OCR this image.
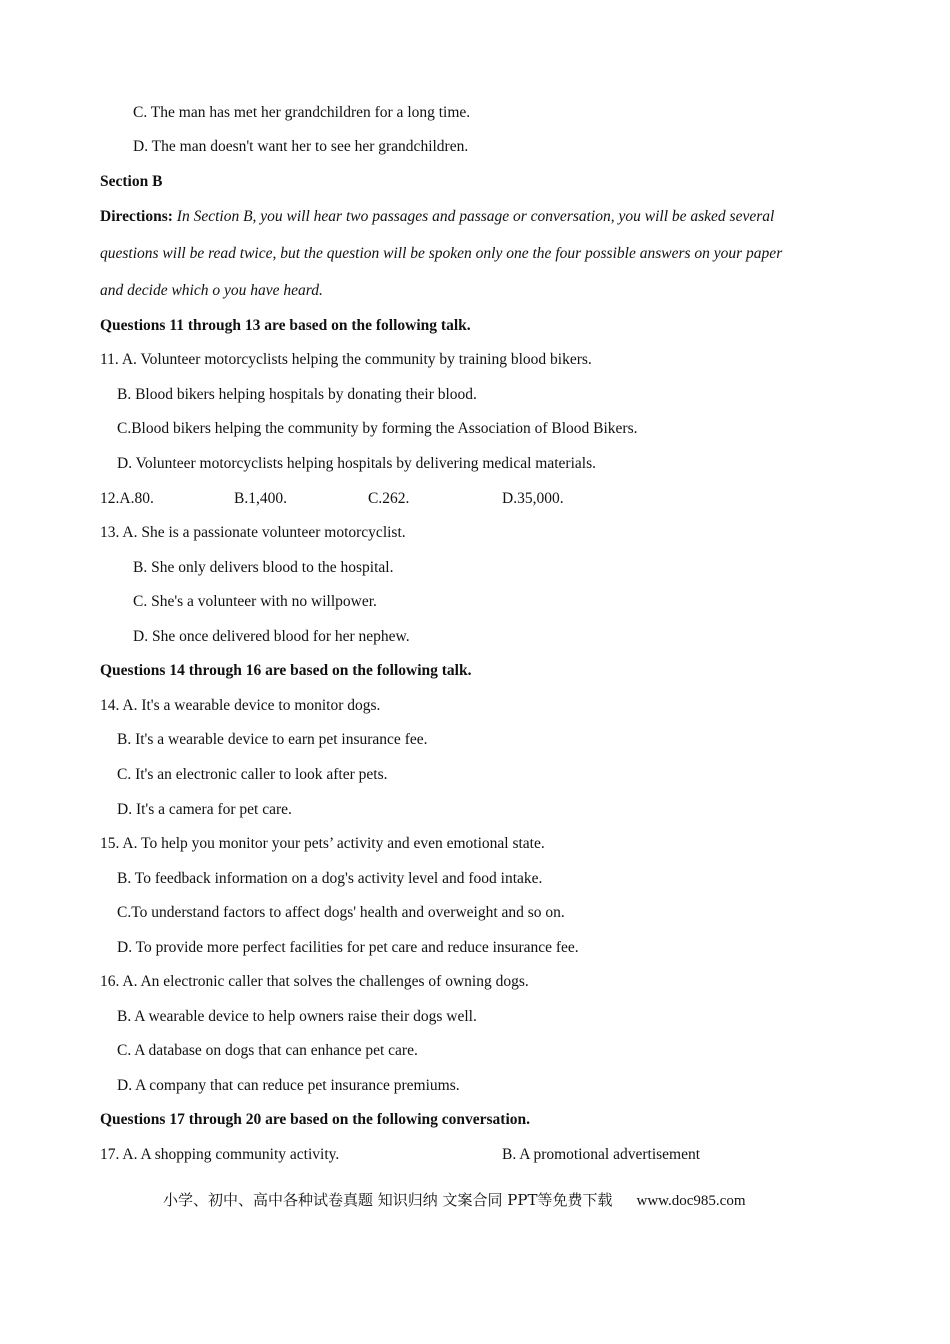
C. The man has met her grandchildren for a long time.
D. The man doesn't want her to see her grandchildren.
Section B
Directions: In Section B, you will hear two passages and passage or conversation, you will be asked several
questions will be read twice, but the question will be spoken only one the four possible answers on your paper
and decide which o you have heard.
Questions 11 through 13 are based on the following talk.
11. A. Volunteer motorcyclists helping the community by training blood bikers.
B. Blood bikers helping hospitals by donating their blood.
C.Blood bikers helping the community by forming the Association of Blood Bikers.
D. Volunteer motorcyclists helping hospitals by delivering medical materials.
12.A.80.	B.1,400.	C.262.	D.35,000.
13. A. She is a passionate volunteer motorcyclist.
B. She only delivers blood to the hospital.
C. She's a volunteer with no willpower.
D. She once delivered blood for her nephew.
Questions 14 through 16 are based on the following talk.
14. A. It's a wearable device to monitor dogs.
B. It's a wearable device to earn pet insurance fee.
C. It's an electronic caller to look after pets.
D. It's a camera for pet care.
15. A. To help you monitor your pets’ activity and even emotional state.
B. To feedback information on a dog's activity level and food intake.
C.To understand factors to affect dogs' health and overweight and so on.
D. To provide more perfect facilities for pet care and reduce insurance fee.
16. A. An electronic caller that solves the challenges of owning dogs.
B. A wearable device to help owners raise their dogs well.
C. A database on dogs that can enhance pet care.
D. A company that can reduce pet insurance premiums.
Questions 17 through 20 are based on the following conversation.
17. A. A shopping community activity.	B. A promotional advertisement
小学、初中、高中各种试卷真题 知识归纳 文案合同 PPT等免费下载 www.doc985.com
